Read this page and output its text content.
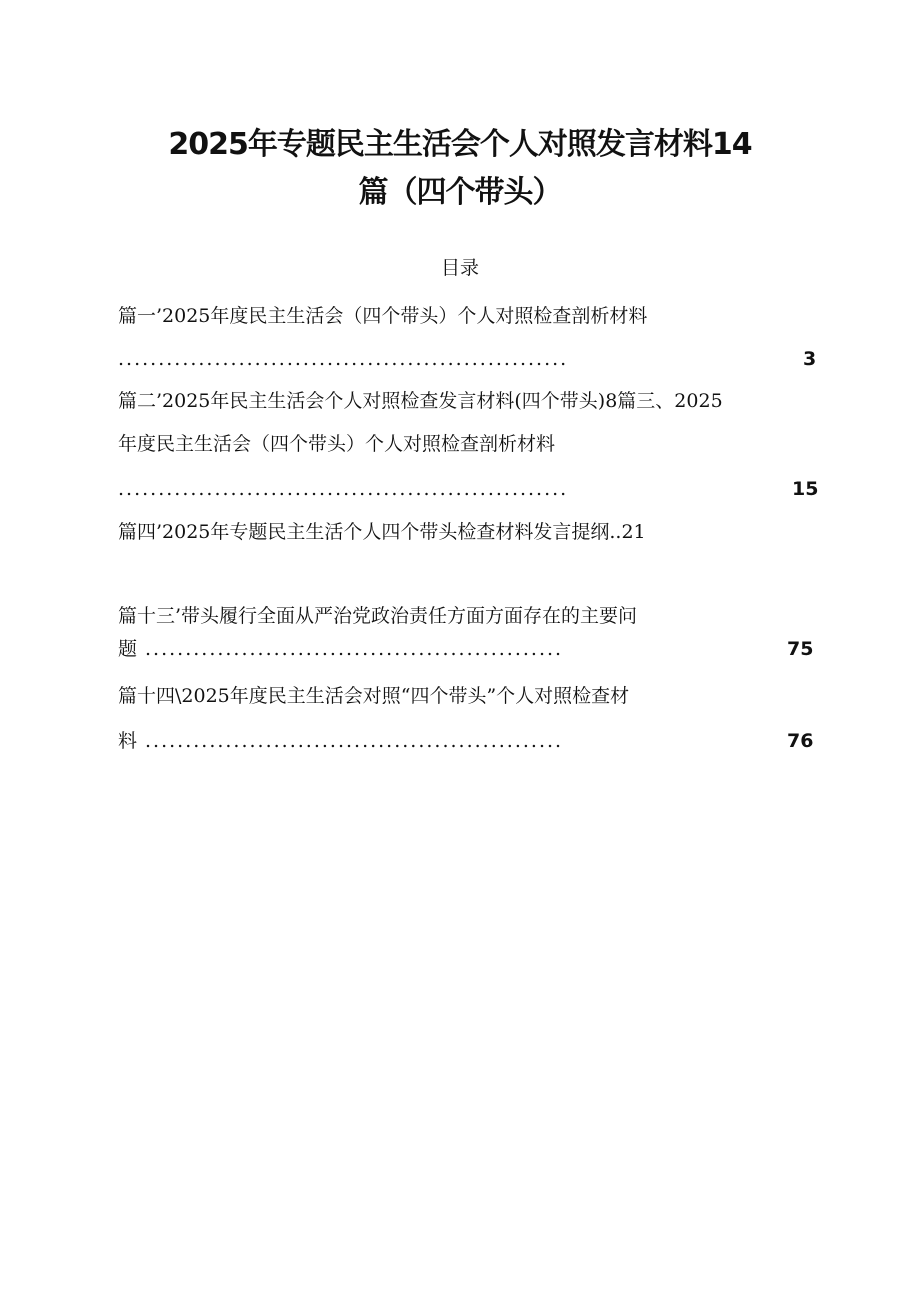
2025年专题民主生活会个人对照发言材料14
篇（四个带头）
目录
篇一’2025年度民主生活会（四个带头）个人对照检查剖析材料
........................................................	3
篇二’2025年民主生活会个人对照检查发言材料(四个带头)8篇三、2025
年度民主生活会（四个带头）个人对照检查剖析材料
........................................................	15
篇四’2025年专题民主生活个人四个带头检查材料发言提纲..21
篇十三’带头履行全面从严治党政治责任方面方面存在的主要问
题 ....................................................	75
篇十四\2025年度民主生活会对照“四个带头”个人对照检查材
料 ....................................................	76
